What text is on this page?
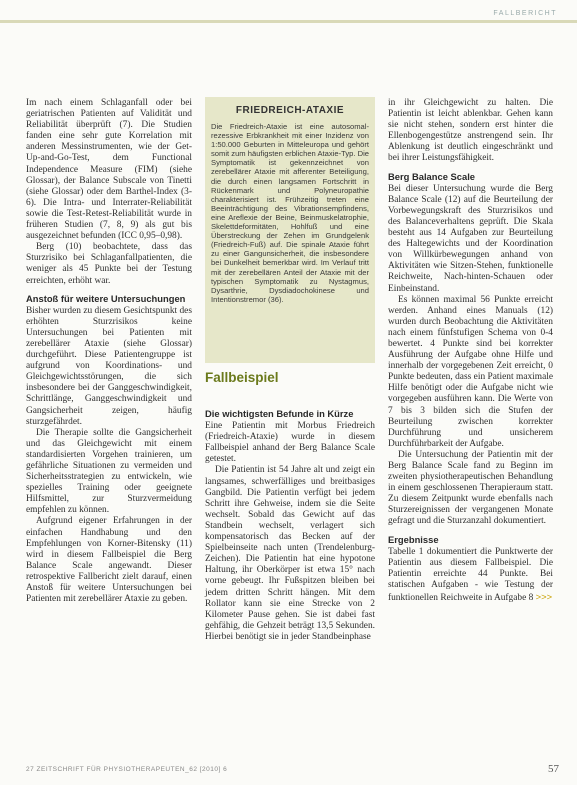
FALLBERICHT

Im nach einem Schlaganfall oder bei geriatrischen Patienten auf Validität und Reliabilität überprüft (7). Die Studien fanden eine sehr gute Korrelation mit anderen Messinstrumenten, wie der Get-Up-and-Go-Test, dem Functional Independence Measure (FIM) (siehe Glossar), der Balance Subscale von Tinetti (siehe Glossar) oder dem Barthel-Index (3-6). Die Intra- und Interrater-Reliabilität sowie die Test-Retest-Reliabilität wurde in früheren Studien (7, 8, 9) als gut bis ausgezeichnet befunden (ICC 0,95–0,98).

Berg (10) beobachtete, dass das Sturzrisiko bei Schlaganfallpatienten, die weniger als 45 Punkte bei der Testung erreichten, erhöht war.

Anstoß für weitere Untersuchungen

Bisher wurden zu diesem Gesichtspunkt des erhöhten Sturzrisikos keine Untersuchungen bei Patienten mit zerebellärer Ataxie (siehe Glossar) durchgeführt. Diese Patientengruppe ist aufgrund von Koordinations- und Gleichgewichtsstörungen, die sich insbesondere bei der Ganggeschwindigkeit, Schrittlänge, Ganggeschwindigkeit und Gangsicherheit zeigen, häufig sturzgefährdet.

Die Therapie sollte die Gangsicherheit und das Gleichgewicht mit einem standardisierten Vorgehen trainieren, um gefährliche Situationen zu vermeiden und Sicherheitsstrategien zu entwickeln, wie spezielles Training oder geeignete Hilfsmittel, zur Sturzvermeidung empfehlen zu können.

Aufgrund eigener Erfahrungen in der einfachen Handhabung und den Empfehlungen von Korner-Bitensky (11) wird in diesem Fallbeispiel die Berg Balance Scale angewandt. Dieser retrospektive Fallbericht zielt darauf, einen Anstoß für weitere Untersuchungen bei Patienten mit zerebellärer Ataxie zu geben.

FRIEDREICH-ATAXIE
Die Friedreich-Ataxie ist eine autosomal-rezessive Erbkrankheit mit einer Inzidenz von 1:50.000 Geburten in Mitteleuropa und gehört somit zum häufigsten erblichen Ataxie-Typ. Die Symptomatik ist gekennzeichnet von zerebellärer Ataxie mit afferenter Beteiligung, die durch einen langsamen Fortschritt in Rückenmark und Polyneuropathie charakterisiert ist. Frühzeitig treten eine Beeinträchtigung des Vibrationsempfindens, eine Areflexie der Beine, Beinmuskelatrophie, Skelettdeformitäten, Hohlfuß und eine Überstreckung der Zehen im Grundgelenk (Friedreich-Fuß) auf. Die spinale Ataxie führt zu einer Gangunsicherheit, die insbesondere bei Dunkelheit bemerkbar wird. Im Verlauf tritt mit der zerebellären Anteil der Ataxie mit der typischen Symptomatik zu Nystagmus, Dysarthrie, Dysdiadochokinese und Intentionstremor (36).
Fallbeispiel
Die wichtigsten Befunde in Kürze

Eine Patientin mit Morbus Friedreich (Friedreich-Ataxie) wurde in diesem Fallbeispiel anhand der Berg Balance Scale getestet.

Die Patientin ist 54 Jahre alt und zeigt ein langsames, schwerfälliges und breitbasiges Gangbild. Die Patientin verfügt bei jedem Schritt ihre Gehweise, indem sie die Seite wechselt. Sobald das Gewicht auf das Standbein wechselt, verlagert sich kompensatorisch das Becken auf der Spielbeinseite nach unten (Trendelenburg-Zeichen). Die Patientin hat eine hypotone Haltung, ihr Oberkörper ist etwa 15° nach vorne gebeugt. Ihr Fußspitzen bleiben bei jedem dritten Schritt hängen. Mit dem Rollator kann sie eine Strecke von 2 Kilometer Pause gehen. Sie ist dabei fast gehfähig, die Gehzeit beträgt 13,5 Sekunden. Hierbei benötigt sie in jeder Standbeinphase

in ihr Gleichgewicht zu halten. Die Patientin ist leicht ablenkbar. Gehen kann sie nicht stehen, sondern erst hinter die Ellenbogengestütze anstrengend sein. Ihr Ablenkung ist deutlich eingeschränkt und bei ihrer Leistungsfähigkeit.

Berg Balance Scale

Bei dieser Untersuchung wurde die Berg Balance Scale (12) auf die Beurteilung der Vorbewegungskraft des Sturzrisikos und des Balanceverhaltens geprüft. Die Skala besteht aus 14 Aufgaben zur Beurteilung des Haltegewichts und der Koordination von Willkürbewegungen anhand von Aktivitäten wie Sitzen-Stehen, funktionelle Reichweite, Nach-hinten-Schauen oder Einbeinstand.

Es können maximal 56 Punkte erreicht werden. Anhand eines Manuals (12) wurden durch Beobachtung die Aktivitäten nach einem fünfstufigen Schema von 0-4 bewertet. 4 Punkte sind bei korrekter Ausführung der Aufgabe ohne Hilfe und innerhalb der vorgegebenen Zeit erreicht, 0 Punkte bedeuten, dass ein Patient maximale Hilfe benötigt oder die Aufgabe nicht wie vorgegeben ausführen kann. Die Werte von 7 bis 3 bilden sich die Stufen der Beurteilung zwischen korrekter Durchführung und unsicherem Durchführbarkeit der Aufgabe.

Die Untersuchung der Patientin mit der Berg Balance Scale fand zu Beginn im zweiten physiotherapeutischen Behandlung in einem geschlossenen Therapieraum statt. Zu diesem Zeitpunkt wurde ebenfalls nach Sturzereignissen der vergangenen Monate gefragt und die Sturzanzahl dokumentiert.

Ergebnisse

Tabelle 1 dokumentiert die Punktwerte der Patientin aus diesem Fallbeispiel. Die Patientin erreichte 44 Punkte. Bei statischen Aufgaben - wie Testung der funktionellen Reichweite in Aufgabe 8 >>>

27 ZEITSCHRIFT FÜR PHYSIOTHERAPEUTEN_62 [2010] 6	57
